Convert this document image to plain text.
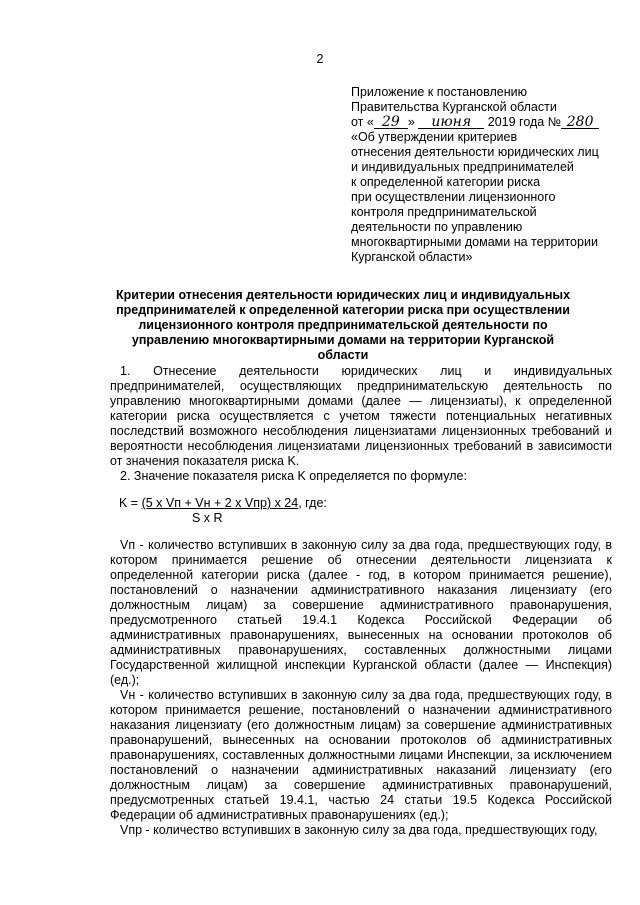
2
Приложение к постановлению
Правительства Курганской области
от « 29 » июня 2019 года № 280
«Об утверждении критериев
отнесения деятельности юридических лиц
и индивидуальных предпринимателей
к определенной категории риска
при осуществлении лицензионного
контроля предпринимательской
деятельности по управлению
многоквартирными домами на территории
Курганской области»
Критерии отнесения деятельности юридических лиц и индивидуальных предпринимателей к определенной категории риска при осуществлении лицензионного контроля предпринимательской деятельности по управлению многоквартирными домами на территории Курганской области

1. Отнесение деятельности юридических лиц и индивидуальных предпринимателей, осуществляющих предпринимательскую деятельность по управлению многоквартирными домами (далее — лицензиаты), к определенной категории риска осуществляется с учетом тяжести потенциальных негативных последствий возможного несоблюдения лицензиатами лицензионных требований и вероятности несоблюдения лицензиатами лицензионных требований в зависимости от значения показателя риска K.

2. Значение показателя риска K определяется по формуле:

K = (5 x Vп + Vн + 2 x Vпр) x 24, где:
S x R

Vп - количество вступивших в законную силу за два года, предшествующих году, в котором принимается решение об отнесении деятельности лицензиата к определенной категории риска (далее - год, в котором принимается решение), постановлений о назначении административного наказания лицензиату (его должностным лицам) за совершение административного правонарушения, предусмотренного статьей 19.4.1 Кодекса Российской Федерации об административных правонарушениях, вынесенных на основании протоколов об административных правонарушениях, составленных должностными лицами Государственной жилищной инспекции Курганской области (далее — Инспекция) (ед.);

Vн - количество вступивших в законную силу за два года, предшествующих году, в котором принимается решение, постановлений о назначении административного наказания лицензиату (его должностным лицам) за совершение административных правонарушений, вынесенных на основании протоколов об административных правонарушениях, составленных должностными лицами Инспекции, за исключением постановлений о назначении административных наказаний лицензиату (его должностным лицам) за совершение административных правонарушений, предусмотренных статьей 19.4.1, частью 24 статьи 19.5 Кодекса Российской Федерации об административных правонарушениях (ед.);

Vпр - количество вступивших в законную силу за два года, предшествующих году,
